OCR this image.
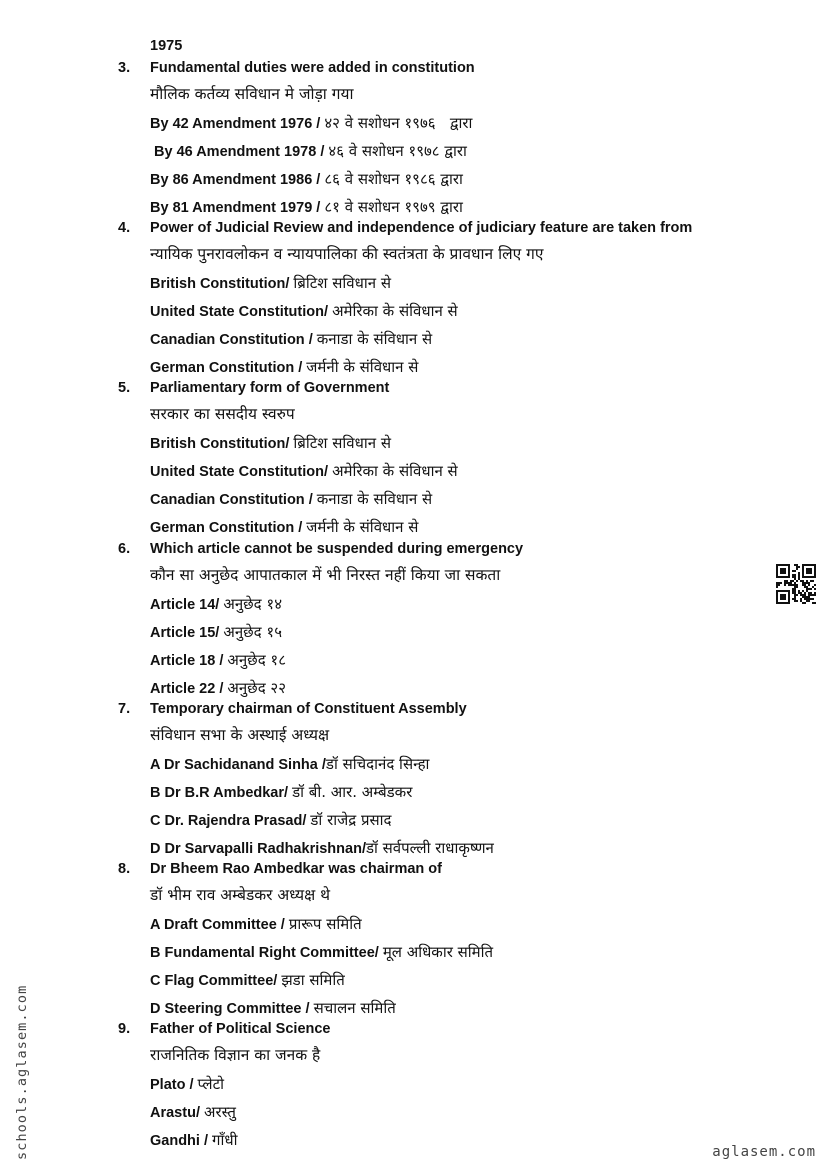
1975
3.	Fundamental duties were added in constitution
मौलिक कर्तव्य सविधान मे जोड़ा गया
By 42 Amendment 1976 / ४२ वे सशोधन १९७६   द्वारा
By 46 Amendment 1978 / ४६ वे सशोधन १९७८ द्वारा
By 86 Amendment 1986 / ८६ वे सशोधन १९८६ द्वारा
By 81 Amendment 1979 / ८१ वे सशोधन १९७९ द्वारा
4.	Power of Judicial Review and independence of judiciary feature are taken from
न्यायिक पुनरावलोकन व न्यायपालिका की स्वतंत्रता के प्रावधान लिए गए
British Constitution/ ब्रिटिश सविधान से
United State Constitution/ अमेरिका के संविधान से
Canadian Constitution / कनाडा के संविधान से
German Constitution / जर्मनी के संविधान से
5.	Parliamentary form of Government
सरकार का ससदीय स्वरुप
British Constitution/ ब्रिटिश सविधान से
United State Constitution/ अमेरिका के संविधान से
Canadian Constitution / कनाडा के सविधान से
German Constitution / जर्मनी के संविधान से
6.	Which article cannot be suspended during emergency
कौन सा अनुछेद आपातकाल में भी निरस्त नहीं किया जा सकता
Article 14/ अनुछेद १४
Article 15/ अनुछेद १५
Article 18 / अनुछेद १८
Article 22 / अनुछेद २२
7.	Temporary chairman of Constituent Assembly
संविधान सभा के अस्थाई अध्यक्ष
A Dr Sachidanand Sinha /डॉ सचिदानंद सिन्हा
B Dr B.R Ambedkar/ डॉ बी. आर. अम्बेडकर
C Dr. Rajendra Prasad/ डॉ राजेद्र प्रसाद
D Dr Sarvapalli Radhakrishnan/डॉ सर्वपल्ली राधाकृष्णन
8.	Dr Bheem Rao Ambedkar was chairman of
डॉ भीम राव अम्बेडकर अध्यक्ष थे
A Draft Committee / प्रारूप समिति
B Fundamental Right Committee/ मूल अधिकार समिति
C Flag Committee/ झडा समिति
D Steering Committee / सचालन समिति
9.	Father of Political Science
राजनितिक विज्ञान का जनक है
Plato / प्लेटो
Arastu/ अरस्तु
Gandhi / गाँधी
schools.aglasem.com	aglasem.com
